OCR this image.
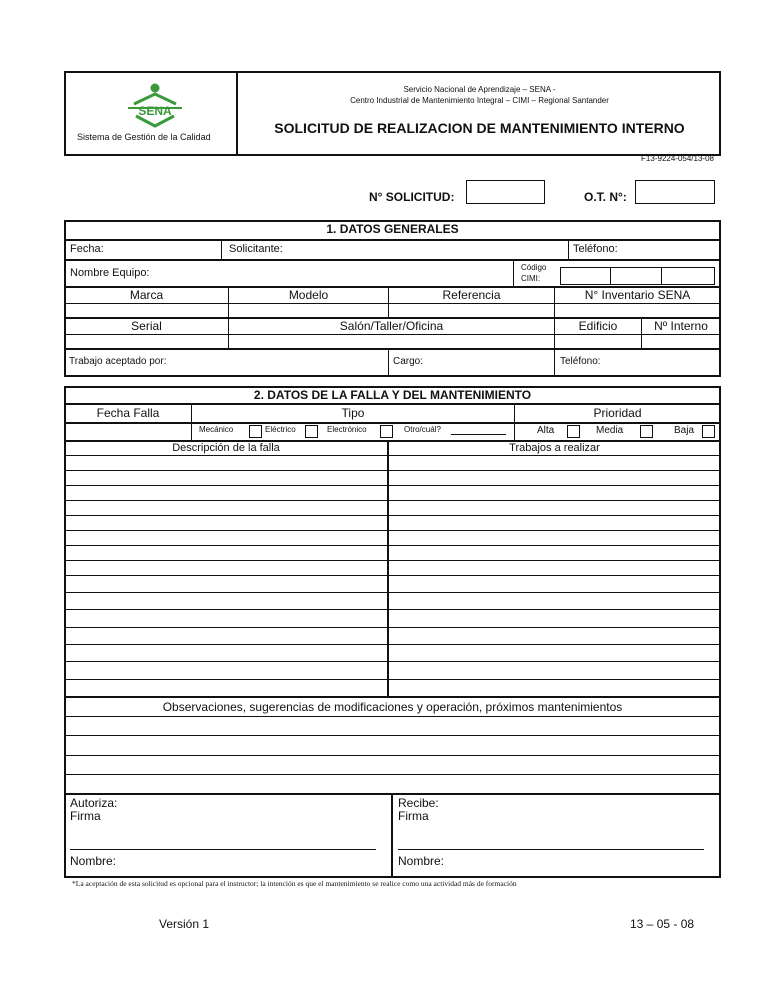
SENA
Sistema de Gestión de la Calidad
Servicio Nacional de Aprendizaje – SENA -
Centro Industrial de Mantenimiento Integral – CIMI – Regional Santander
SOLICITUD DE REALIZACION DE MANTENIMIENTO INTERNO
F13-9224-054/13-08
N° SOLICITUD:	O.T. N°:
1. DATOS GENERALES
Fecha:	Solicitante:	Teléfono:
Nombre Equipo:	Código
CIMI:
Marca	Modelo	Referencia	N° Inventario SENA
Serial	Salón/Taller/Oficina	Edificio	Nº Interno
Trabajo aceptado por:	Cargo:	Teléfono:
2. DATOS DE LA FALLA Y DEL MANTENIMIENTO
Fecha Falla	Tipo	Prioridad
Mecánico	Eléctrico	Electrónico	Otro/cuál?	Alta	Media	Baja
Descripción de la falla	Trabajos a realizar
Observaciones, sugerencias de modificaciones y operación, próximos mantenimientos
Autoriza:
Firma
Nombre:
Recibe:
Firma
Nombre:
*La aceptación de esta solicitud es opcional para el instructor; la intención es que el mantenimiento se realice como una actividad más de formación
Versión 1	13 – 05 - 08
